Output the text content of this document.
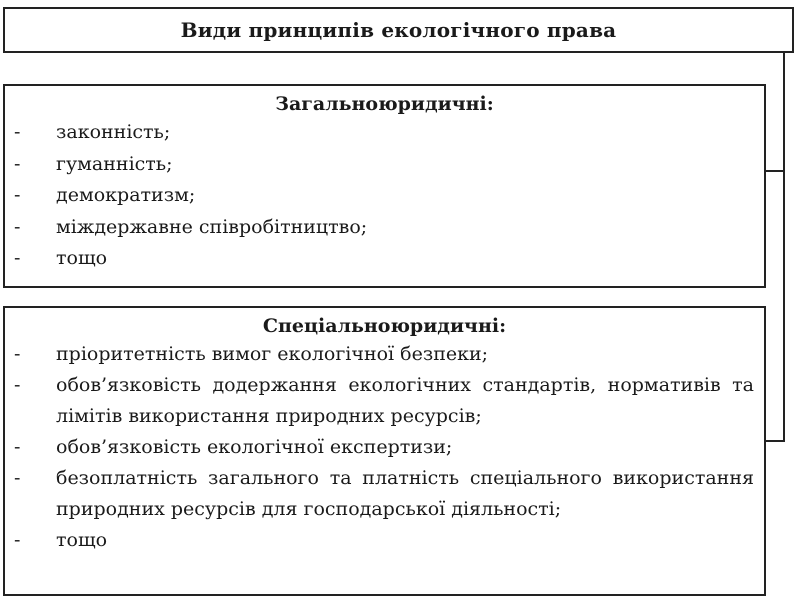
Види принципів екологічного права
Загальноюридичні:
- законність;
- гуманність;
- демократизм;
- міждержавне співробітництво;
- тощо
Спеціальноюридичні:
- пріоритетність вимог екологічної безпеки;
- обов’язковість додержання екологічних стандартів, нормативів та лімітів використання природних ресурсів;
- обов’язковість екологічної експертизи;
- безоплатність загального та платність спеціального використання природних ресурсів для господарської діяльності;
- тощо
